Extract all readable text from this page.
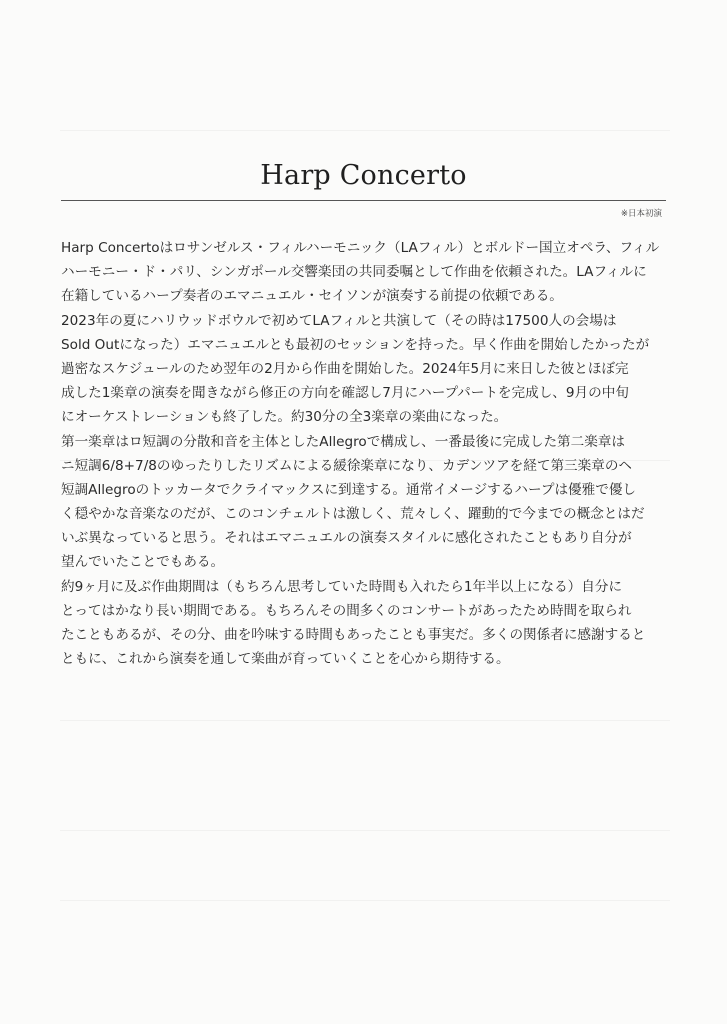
Harp Concerto
※日本初演
Harp Concertoはロサンゼルス・フィルハーモニック（LAフィル）とボルドー国立オペラ、フィル
ハーモニー・ド・パリ、シンガポール交響楽団の共同委嘱として作曲を依頼された。LAフィルに
在籍しているハープ奏者のエマニュエル・セイソンが演奏する前提の依頼である。
2023年の夏にハリウッドボウルで初めてLAフィルと共演して（その時は17500人の会場は
Sold Outになった）エマニュエルとも最初のセッションを持った。早く作曲を開始したかったが
過密なスケジュールのため翌年の2月から作曲を開始した。2024年5月に来日した彼とほぼ完
成した1楽章の演奏を聞きながら修正の方向を確認し7月にハープパートを完成し、9月の中旬
にオーケストレーションも終了した。約30分の全3楽章の楽曲になった。
第一楽章はロ短調の分散和音を主体としたAllegroで構成し、一番最後に完成した第二楽章は
ニ短調6/8+7/8のゆったりしたリズムによる緩徐楽章になり、カデンツアを経て第三楽章のヘ
短調Allegroのトッカータでクライマックスに到達する。通常イメージするハープは優雅で優し
く穏やかな音楽なのだが、このコンチェルトは激しく、荒々しく、躍動的で今までの概念とはだ
いぶ異なっていると思う。それはエマニュエルの演奏スタイルに感化されたこともあり自分が
望んでいたことでもある。
約9ヶ月に及ぶ作曲期間は（もちろん思考していた時間も入れたら1年半以上になる）自分に
とってはかなり長い期間である。もちろんその間多くのコンサートがあったため時間を取られ
たこともあるが、その分、曲を吟味する時間もあったことも事実だ。多くの関係者に感謝すると
ともに、これから演奏を通して楽曲が育っていくことを心から期待する。
